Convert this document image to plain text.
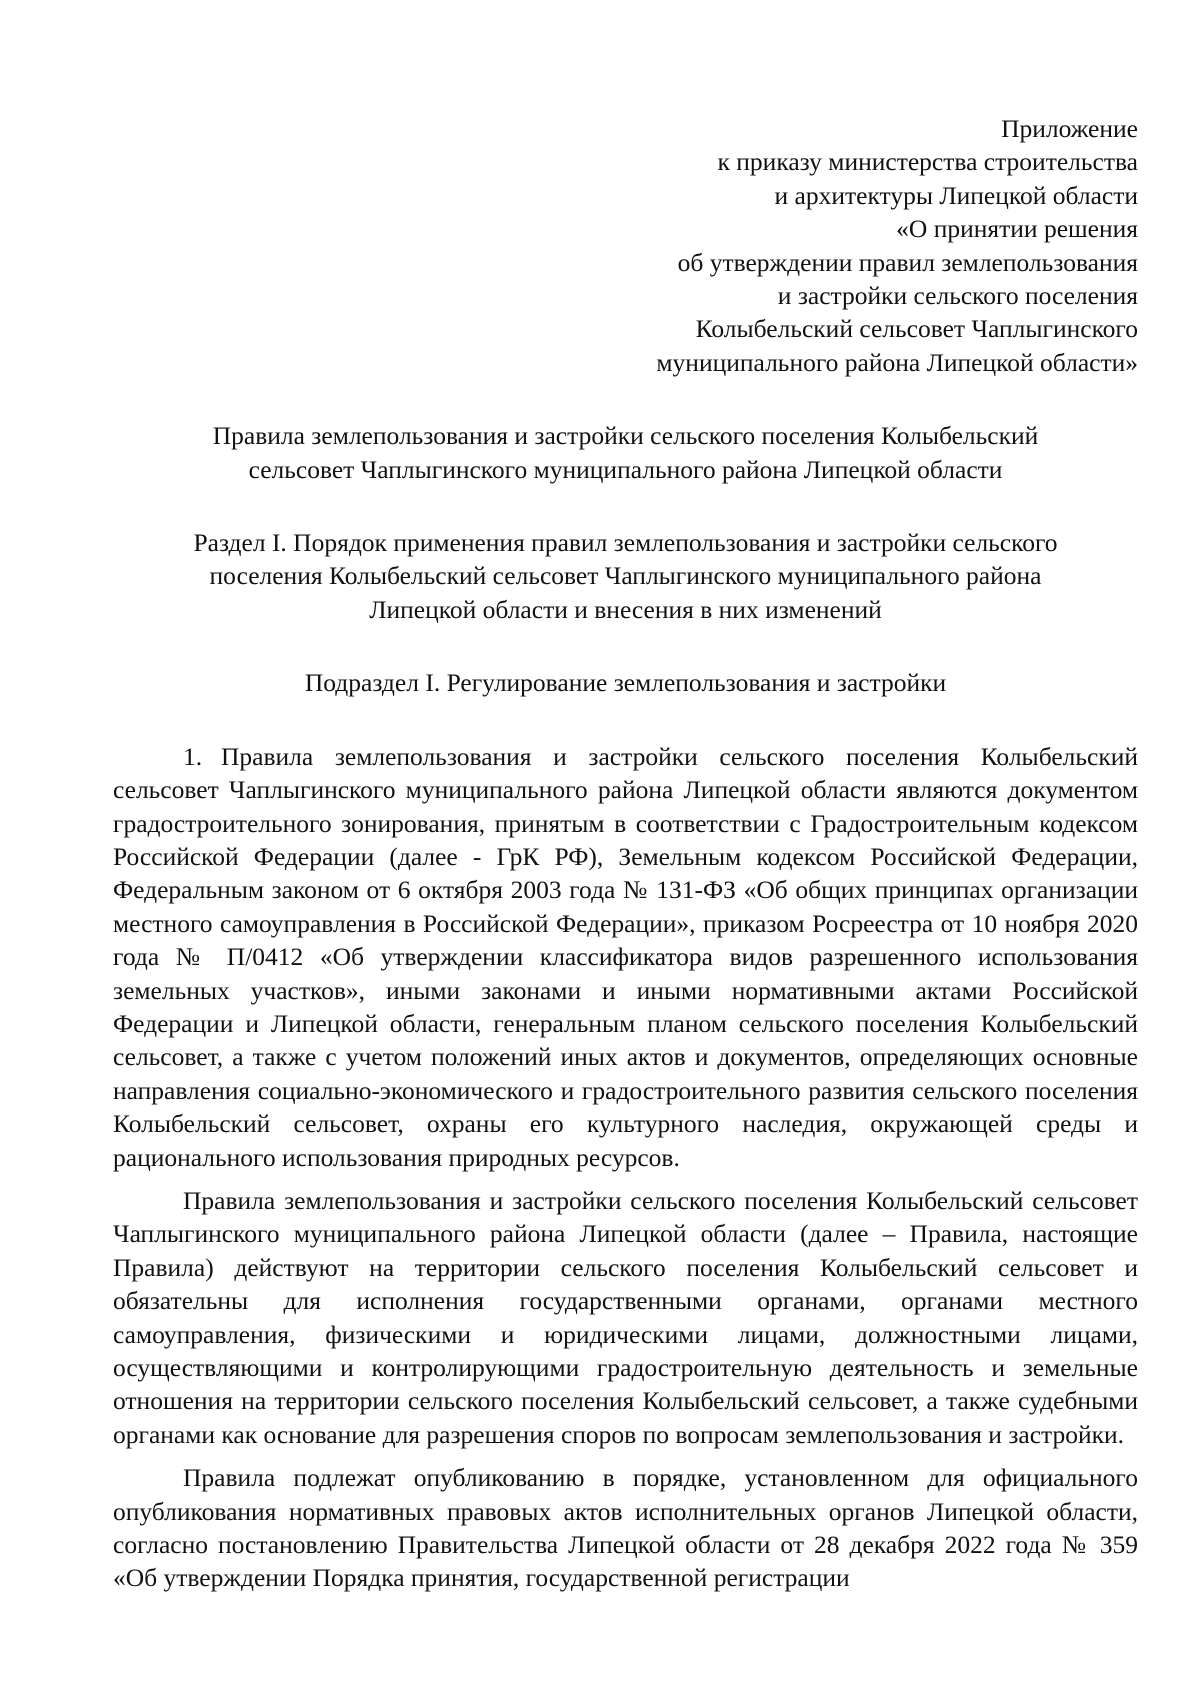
Приложение
к приказу министерства строительства
и архитектуры Липецкой области
«О принятии решения
об утверждении правил землепользования
и застройки сельского поселения
Колыбельский сельсовет Чаплыгинского
муниципального района Липецкой области»
Правила землепользования и застройки сельского поселения Колыбельский
сельсовет Чаплыгинского муниципального района Липецкой области
Раздел I. Порядок применения правил землепользования и застройки сельского
поселения Колыбельский сельсовет Чаплыгинского муниципального района
Липецкой области и внесения в них изменений
Подраздел I. Регулирование землепользования и застройки

1. Правила землепользования и застройки сельского поселения Колыбельский сельсовет Чаплыгинского муниципального района Липецкой области являются документом градостроительного зонирования, принятым в соответствии с Градостроительным кодексом Российской Федерации (далее - ГрК РФ), Земельным кодексом Российской Федерации, Федеральным законом от 6 октября 2003 года № 131-ФЗ «Об общих принципах организации местного самоуправления в Российской Федерации», приказом Росреестра от 10 ноября 2020 года № П/0412 «Об утверждении классификатора видов разрешенного использования земельных участков», иными законами и иными нормативными актами Российской Федерации и Липецкой области, генеральным планом сельского поселения Колыбельский сельсовет, а также с учетом положений иных актов и документов, определяющих основные направления социально-экономического и градостроительного развития сельского поселения Колыбельский сельсовет, охраны его культурного наследия, окружающей среды и рационального использования природных ресурсов.

Правила землепользования и застройки сельского поселения Колыбельский сельсовет Чаплыгинского муниципального района Липецкой области (далее – Правила, настоящие Правила) действуют на территории сельского поселения Колыбельский сельсовет и обязательны для исполнения государственными органами, органами местного самоуправления, физическими и юридическими лицами, должностными лицами, осуществляющими и контролирующими градостроительную деятельность и земельные отношения на территории сельского поселения Колыбельский сельсовет, а также судебными органами как основание для разрешения споров по вопросам землепользования и застройки.

Правила подлежат опубликованию в порядке, установленном для официального опубликования нормативных правовых актов исполнительных органов Липецкой области, согласно постановлению Правительства Липецкой области от 28 декабря 2022 года № 359 «Об утверждении Порядка принятия, государственной регистрации
